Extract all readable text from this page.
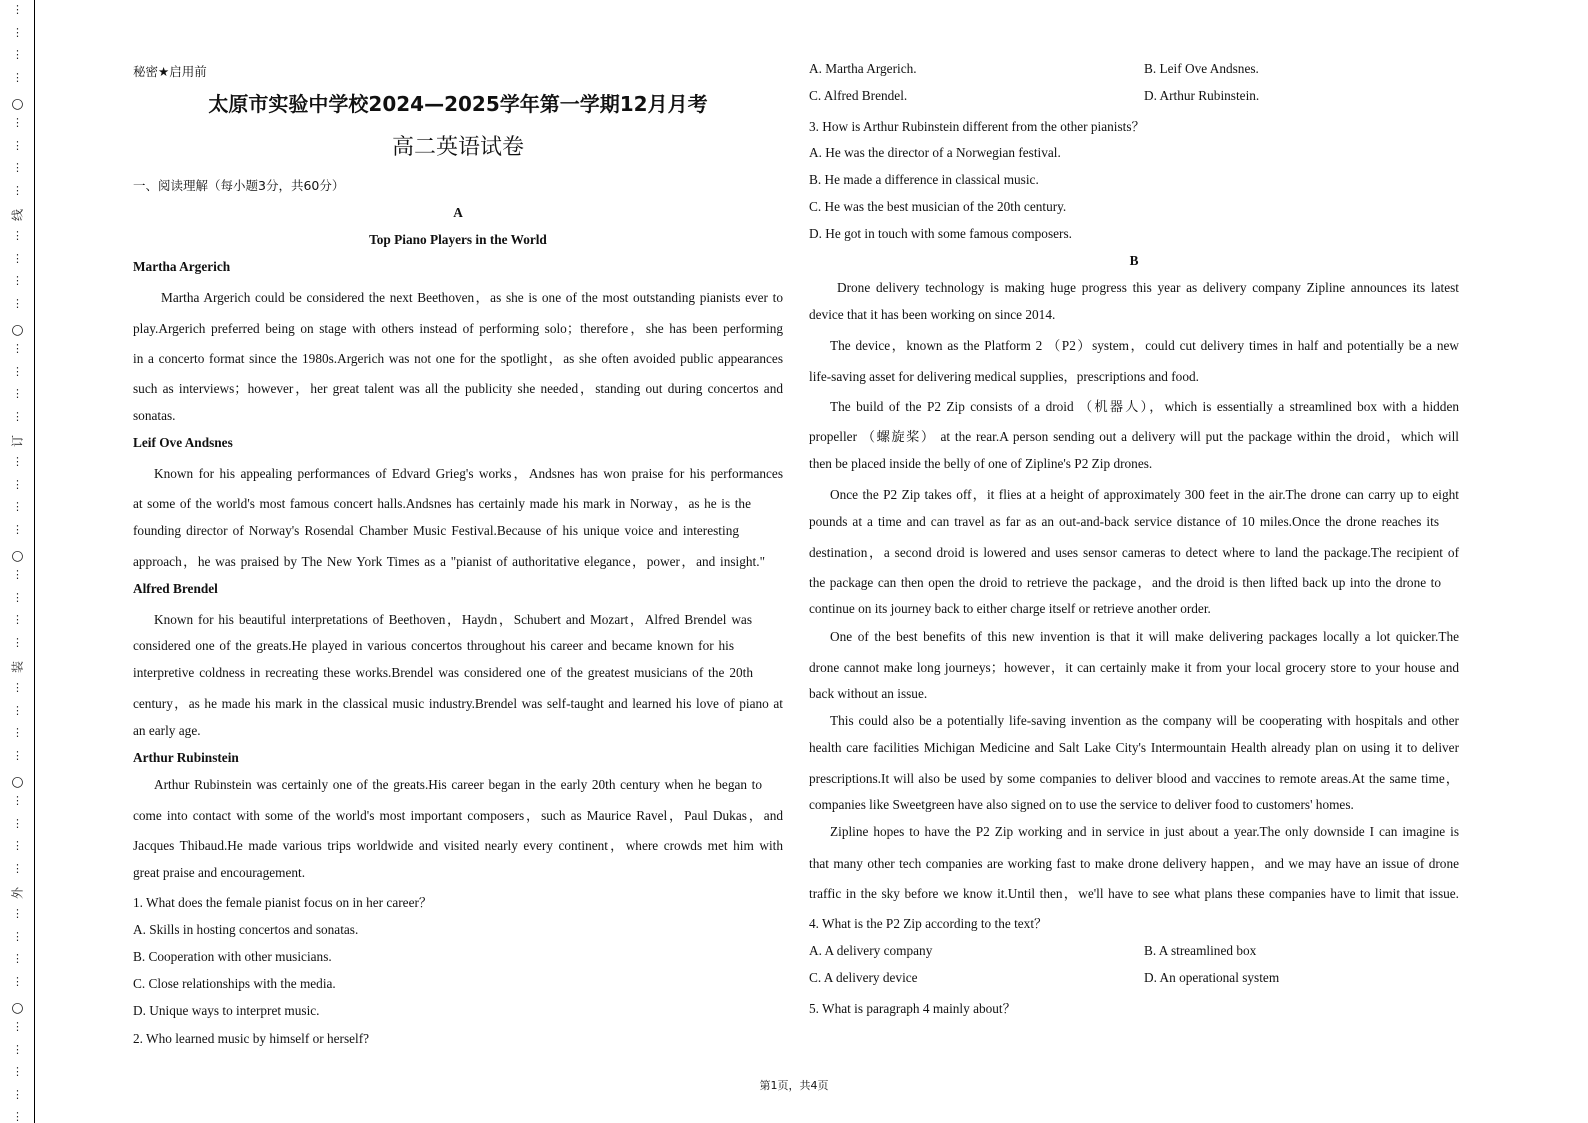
线
订
装
外
⋮
⋮
⋮
⋮
⋮
⋮
⋮
⋮
⋮
⋮
⋮
⋮
⋮
⋮
⋮
⋮
⋮
⋮
⋮
⋮
⋮
⋮
⋮
⋮
⋮
⋮
⋮
⋮
⋮
⋮
⋮
⋮
⋮
⋮
⋮
⋮
⋮
⋮
⋮
⋮
⋮
○
○
○
○
○
秘密★启用前
太原市实验中学校2024—2025学年第一学期12月月考
高二英语试卷
一、阅读理解（每小题3分，共60分）
A
Top Piano Players in the World
Martha Argerich
Martha Argerich could be considered the next Beethoven，as she is one of the most outstanding pianists ever to
play.Argerich preferred being on stage with others instead of performing solo；therefore，she has been performing
in a concerto format since the 1980s.Argerich was not one for the spotlight，as she often avoided public appearances
such as interviews；however，her great talent was all the publicity she needed，standing out during concertos and
sonatas.
Leif Ove Andsnes
Known for his appealing performances of Edvard Grieg's works，Andsnes has won praise for his performances
at some of the world's most famous concert halls.Andsnes has certainly made his mark in Norway，as he is the
founding director of Norway's Rosendal Chamber Music Festival.Because of his unique voice and interesting
approach，he was praised by The New York Times as a "pianist of authoritative elegance，power，and insight."
Alfred Brendel
Known for his beautiful interpretations of Beethoven，Haydn，Schubert and Mozart，Alfred Brendel was
considered one of the greats.He played in various concertos throughout his career and became known for his
interpretive coldness in recreating these works.Brendel was considered one of the greatest musicians of the 20th
century，as he made his mark in the classical music industry.Brendel was self-taught and learned his love of piano at
an early age.
Arthur Rubinstein
Arthur Rubinstein was certainly one of the greats.His career began in the early 20th century when he began to
come into contact with some of the world's most important composers，such as Maurice Ravel，Paul Dukas，and
Jacques Thibaud.He made various trips worldwide and visited nearly every continent，where crowds met him with
great praise and encouragement.
1. What does the female pianist focus on in her career？
A. Skills in hosting concertos and sonatas.
B. Cooperation with other musicians.
C. Close relationships with the media.
D. Unique ways to interpret music.
2. Who learned music by himself or herself?
A. Martha Argerich.	B. Leif Ove Andsnes.
C. Alfred Brendel.	D. Arthur Rubinstein.
3. How is Arthur Rubinstein different from the other pianists？
A. He was the director of a Norwegian festival.
B. He made a difference in classical music.
C. He was the best musician of the 20th century.
D. He got in touch with some famous composers.
B
Drone delivery technology is making huge progress this year as delivery company Zipline announces its latest
device that it has been working on since 2014.
The device，known as the Platform 2 （P2）system，could cut delivery times in half and potentially be a new
life-saving asset for delivering medical supplies，prescriptions and food.
The build of the P2 Zip consists of a droid （机器人），which is essentially a streamlined box with a hidden
propeller （螺旋桨） at the rear.A person sending out a delivery will put the package within the droid，which will
then be placed inside the belly of one of Zipline's P2 Zip drones.
Once the P2 Zip takes off，it flies at a height of approximately 300 feet in the air.The drone can carry up to eight
pounds at a time and can travel as far as an out-and-back service distance of 10 miles.Once the drone reaches its
destination，a second droid is lowered and uses sensor cameras to detect where to land the package.The recipient of
the package can then open the droid to retrieve the package，and the droid is then lifted back up into the drone to
continue on its journey back to either charge itself or retrieve another order.
One of the best benefits of this new invention is that it will make delivering packages locally a lot quicker.The
drone cannot make long journeys；however，it can certainly make it from your local grocery store to your house and
back without an issue.
This could also be a potentially life-saving invention as the company will be cooperating with hospitals and other
health care facilities Michigan Medicine and Salt Lake City's Intermountain Health already plan on using it to deliver
prescriptions.It will also be used by some companies to deliver blood and vaccines to remote areas.At the same time，
companies like Sweetgreen have also signed on to use the service to deliver food to customers' homes.
Zipline hopes to have the P2 Zip working and in service in just about a year.The only downside I can imagine is
that many other tech companies are working fast to make drone delivery happen，and we may have an issue of drone
traffic in the sky before we know it.Until then，we'll have to see what plans these companies have to limit that issue.
4. What is the P2 Zip according to the text？
A. A delivery company	B. A streamlined box
C. A delivery device	D. An operational system
5. What is paragraph 4 mainly about？
第1页，共4页
